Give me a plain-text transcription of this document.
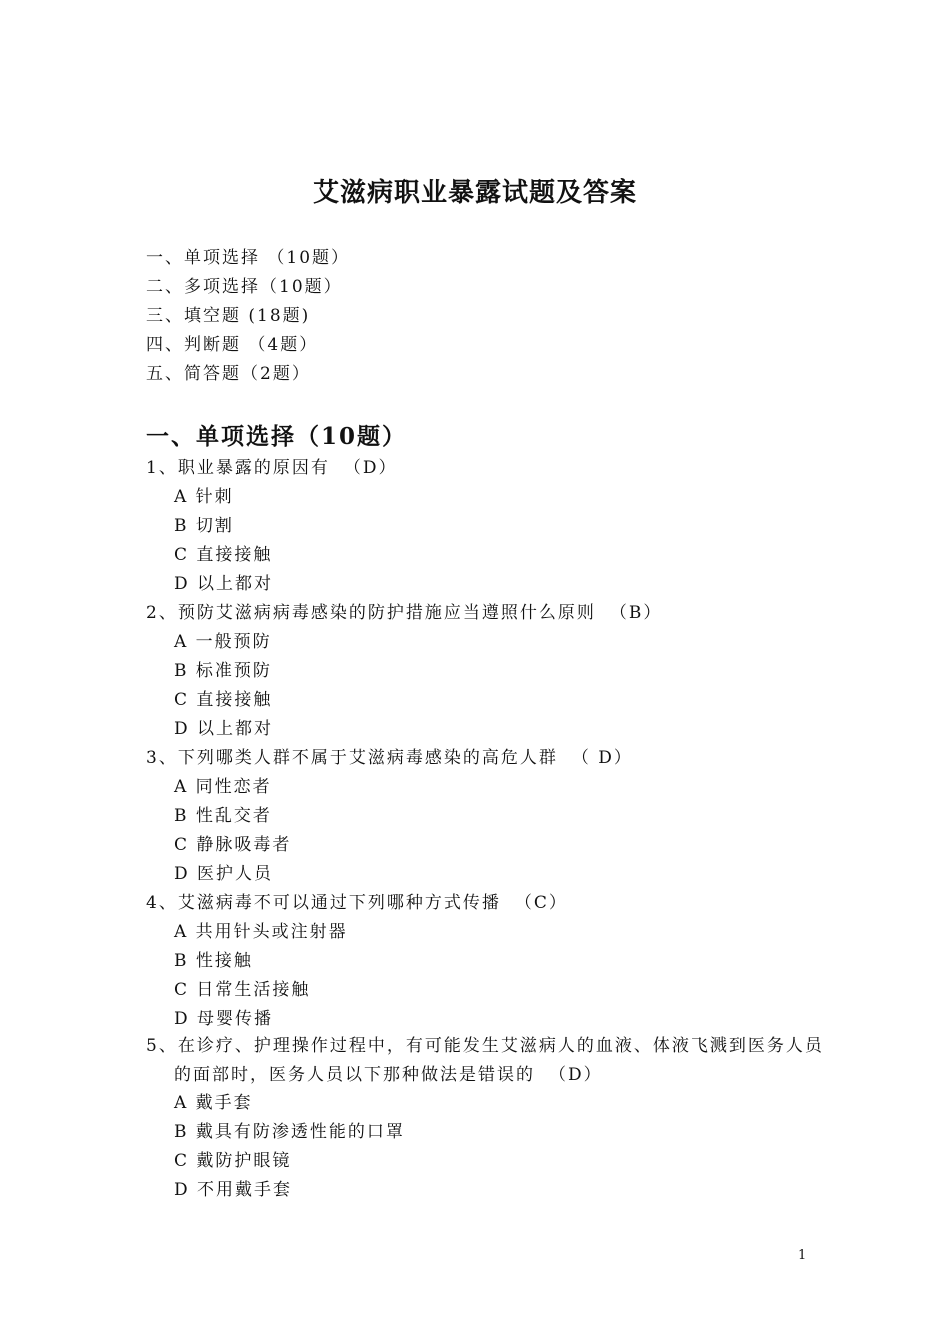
艾滋病职业暴露试题及答案
一、单项选择 （10题）
二、多项选择（10题）
三、填空题 (18题)
四、判断题 （4题）
五、简答题（2题）
一、单项选择（10题）
1、职业暴露的原因有 （D）
A 针刺
B 切割
C 直接接触
D 以上都对
2、预防艾滋病病毒感染的防护措施应当遵照什么原则 （B）
A 一般预防
B 标准预防
C 直接接触
D 以上都对
3、下列哪类人群不属于艾滋病毒感染的高危人群 （ D）
A 同性恋者
B 性乱交者
C 静脉吸毒者
D 医护人员
4、艾滋病毒不可以通过下列哪种方式传播 （C）
A 共用针头或注射器
B 性接触
C 日常生活接触
D 母婴传播
5、在诊疗、护理操作过程中，有可能发生艾滋病人的血液、体液飞溅到医务人员的面部时，医务人员以下那种做法是错误的 （D）
A 戴手套
B 戴具有防渗透性能的口罩
C 戴防护眼镜
D 不用戴手套
1
